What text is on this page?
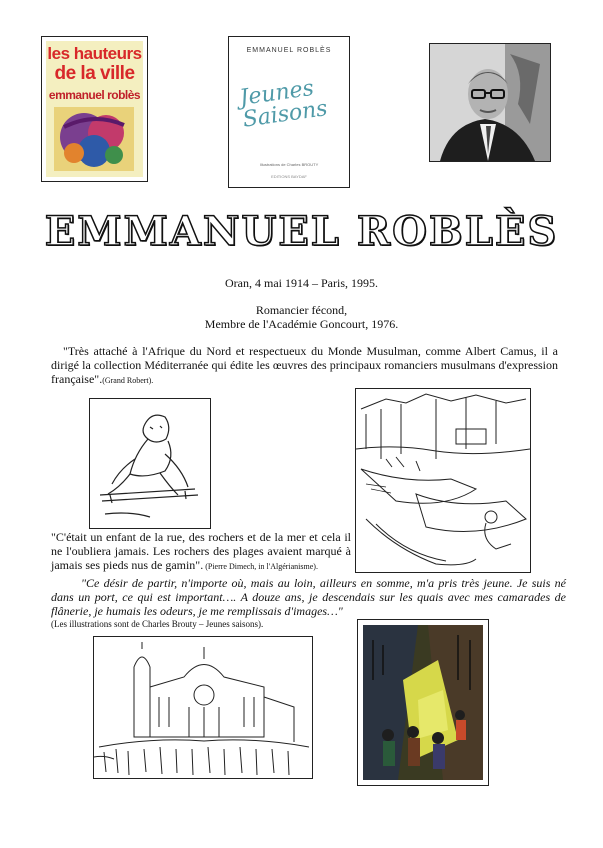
les hauteurs
de la ville
emmanuel roblès
EMMANUEL ROBLÈS
Jeunes Saisons
Illustrations de Charles BROUTY
EDITIONS BAYDAF
EMMANUEL ROBLÈS
Oran, 4 mai 1914 – Paris, 1995.
Romancier fécond,
Membre de l'Académie Goncourt, 1976.
"Très attaché à l'Afrique du Nord et respectueux du Monde Musulman, comme Albert Camus, il a dirigé la collection Méditerranée qui édite les œuvres des principaux romanciers musulmans d'expression française".(Grand Robert).
"C'était un enfant de la rue, des rochers et de la mer et cela il ne l'oubliera jamais. Les rochers des plages avaient marqué à jamais ses pieds nus de gamin". (Pierre Dimech, in l'Algérianisme).
"Ce désir de partir, n'importe où, mais au loin, ailleurs en somme, m'a pris très jeune. Je suis né dans un port, ce qui est important…. A douze ans, je descendais sur les quais avec mes camarades de flânerie, je humais les odeurs, je me remplissais d'images…"
(Les illustrations sont de Charles Brouty – Jeunes saisons).
